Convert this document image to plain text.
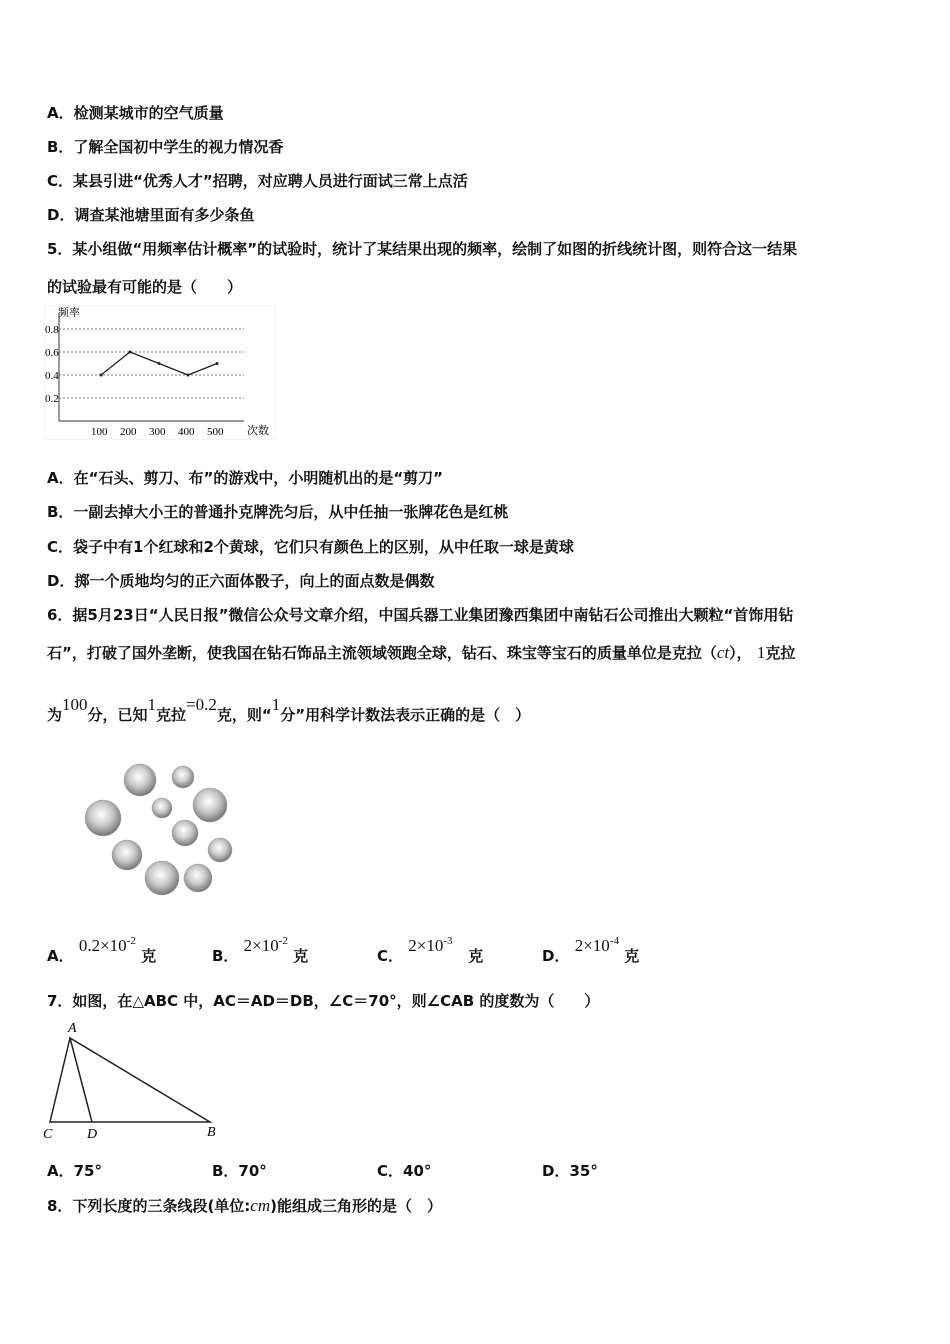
A．检测某城市的空气质量
B．了解全国初中学生的视力情况香
C．某县引进“优秀人才”招聘，对应聘人员进行面试三常上点活
D．调查某池塘里面有多少条鱼
5．某小组做“用频率估计概率”的试验时，统计了某结果出现的频率，绘制了如图的折线统计图，则符合这一结果
的试验最有可能的是（　　）
频率
次数
0.2
0.4
0.6
0.8
100 200 300 400 500
A．在“石头、剪刀、布”的游戏中，小明随机出的是“剪刀”
B．一副去掉大小王的普通扑克牌洗匀后，从中任抽一张牌花色是红桃
C．袋子中有1个红球和2个黄球，它们只有颜色上的区别，从中任取一球是黄球
D．掷一个质地均匀的正六面体骰子，向上的面点数是偶数
6．据5月23日“人民日报”微信公众号文章介绍，中国兵器工业集团豫西集团中南钻石公司推出大颗粒“首饰用钻
石”，打破了国外垄断，使我国在钻石饰品主流领域领跑全球，钻石、珠宝等宝石的质量单位是克拉（ct）， 1克拉
为100分，已知1克拉=0.2克，则“1分”用科学计数法表示正确的是（　）
A． $0.2\times 10^{-2}$ 克	B． $2\times 10^{-2}$ 克	C． $2\times 10^{-3}$   克	D． $2\times 10^{-4}$ 克
7．如图，在△ABC 中，AC＝AD＝DB，∠C＝70°，则∠CAB 的度数为（　　）
A
C D	B
A．75°	B．70°	C．40°	D．35°
8．下列长度的三条线段(单位:cm)能组成三角形的是（　）
